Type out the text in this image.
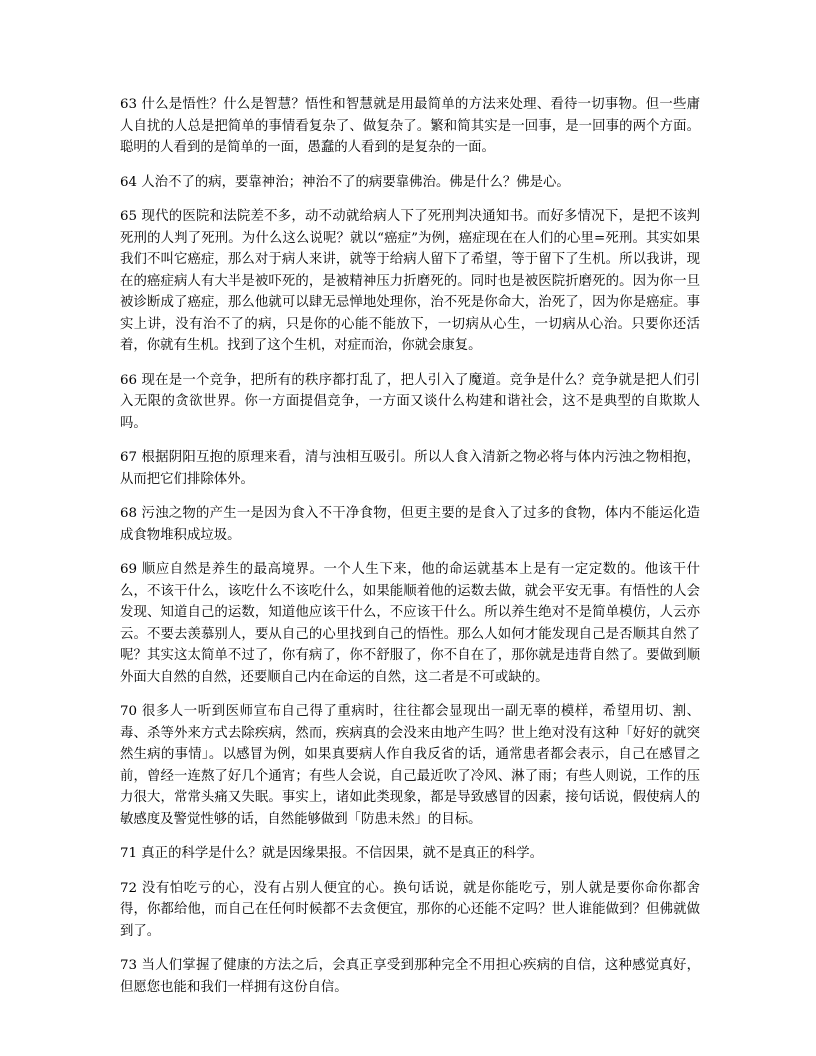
63 什么是悟性？什么是智慧？悟性和智慧就是用最简单的方法来处理、看待一切事物。但一些庸人自扰的人总是把简单的事情看复杂了、做复杂了。繁和简其实是一回事，是一回事的两个方面。聪明的人看到的是简单的一面，愚蠢的人看到的是复杂的一面。

64 人治不了的病，要靠神治；神治不了的病要靠佛治。佛是什么？佛是心。

65 现代的医院和法院差不多，动不动就给病人下了死刑判决通知书。而好多情况下，是把不该判死刑的人判了死刑。为什么这么说呢？就以“癌症”为例，癌症现在在人们的心里=死刑。其实如果我们不叫它癌症，那么对于病人来讲，就等于给病人留下了希望，等于留下了生机。所以我讲，现在的癌症病人有大半是被吓死的，是被精神压力折磨死的。同时也是被医院折磨死的。因为你一旦被诊断成了癌症，那么他就可以肆无忌惮地处理你，治不死是你命大，治死了，因为你是癌症。事实上讲，没有治不了的病，只是你的心能不能放下，一切病从心生，一切病从心治。只要你还活着，你就有生机。找到了这个生机，对症而治，你就会康复。

66 现在是一个竞争，把所有的秩序都打乱了，把人引入了魔道。竞争是什么？竞争就是把人们引入无限的贪欲世界。你一方面提倡竞争，一方面又谈什么构建和谐社会，这不是典型的自欺欺人吗。

67 根据阴阳互抱的原理来看，清与浊相互吸引。所以人食入清新之物必将与体内污浊之物相抱，从而把它们排除体外。

68 污浊之物的产生一是因为食入不干净食物，但更主要的是食入了过多的食物，体内不能运化造成食物堆积成垃圾。

69 顺应自然是养生的最高境界。一个人生下来，他的命运就基本上是有一定定数的。他该干什么，不该干什么，该吃什么不该吃什么，如果能顺着他的运数去做，就会平安无事。有悟性的人会发现、知道自己的运数，知道他应该干什么，不应该干什么。所以养生绝对不是简单模仿，人云亦云。不要去羡慕别人，要从自己的心里找到自己的悟性。那么人如何才能发现自己是否顺其自然了呢？其实这太简单不过了，你有病了，你不舒服了，你不自在了，那你就是违背自然了。要做到顺外面大自然的自然，还要顺自己内在命运的自然，这二者是不可或缺的。

70 很多人一听到医师宣布自己得了重病时，往往都会显现出一副无辜的模样，希望用切、割、毒、杀等外来方式去除疾病，然而，疾病真的会没来由地产生吗？世上绝对没有这种「好好的就突然生病的事情」。以感冒为例，如果真要病人作自我反省的话，通常患者都会表示，自己在感冒之前，曾经一连熬了好几个通宵；有些人会说，自己最近吹了冷风、淋了雨；有些人则说，工作的压力很大，常常头痛又失眠。事实上，诸如此类现象，都是导致感冒的因素，接句话说，假使病人的敏感度及警觉性够的话，自然能够做到「防患未然」的目标。

71 真正的科学是什么？就是因缘果报。不信因果，就不是真正的科学。

72 没有怕吃亏的心，没有占别人便宜的心。换句话说，就是你能吃亏，别人就是要你命你都舍得，你都给他，而自己在任何时候都不去贪便宜，那你的心还能不定吗？世人谁能做到？但佛就做到了。

73 当人们掌握了健康的方法之后，会真正享受到那种完全不用担心疾病的自信，这种感觉真好，但愿您也能和我们一样拥有这份自信。
